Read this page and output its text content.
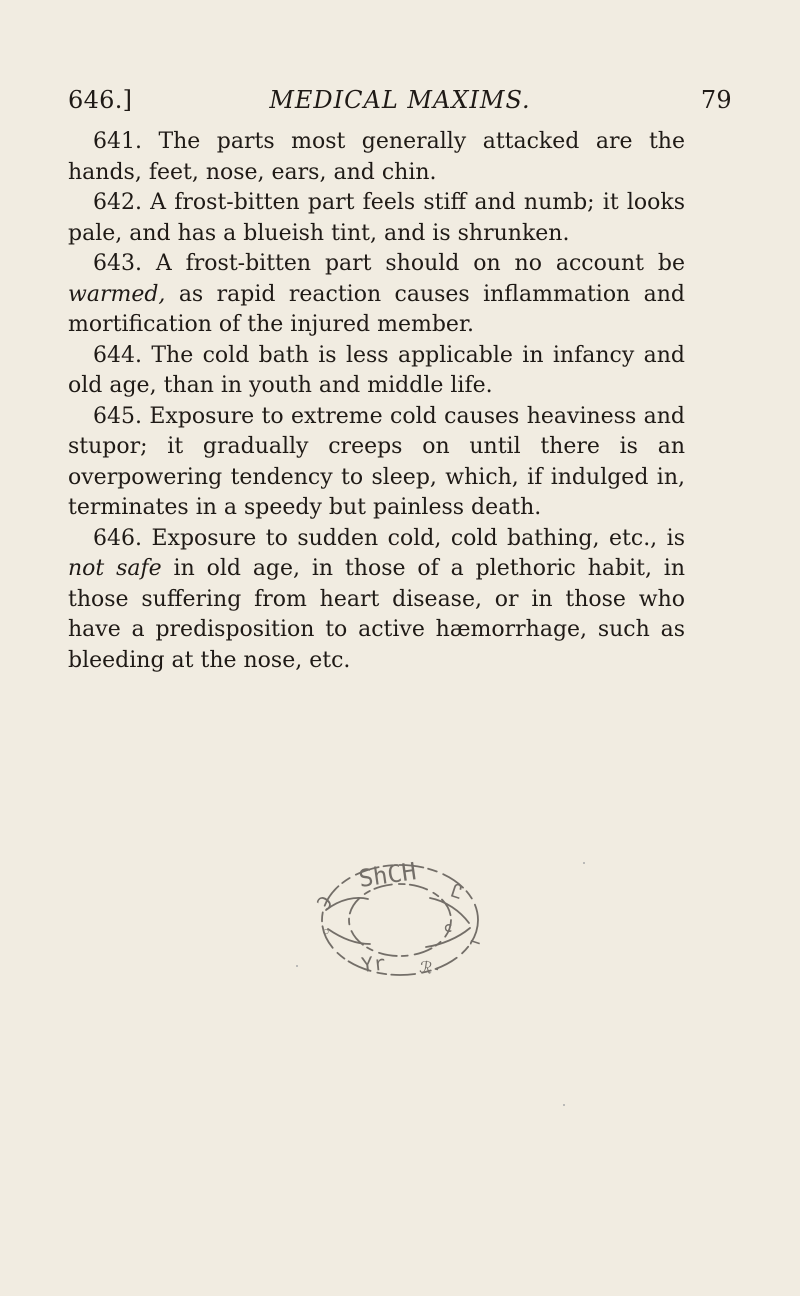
646.]	MEDICAL MAXIMS.	79

641. The parts most generally attacked are the hands, feet, nose, ears, and chin.

642. A frost-bitten part feels stiff and numb; it looks pale, and has a blueish tint, and is shrunken.

643. A frost-bitten part should on no account be warmed, as rapid reaction causes inflammation and mortification of the injured member.

644. The cold bath is less applicable in infancy and old age, than in youth and middle life.

645. Exposure to extreme cold causes heaviness and stupor; it gradually creeps on until there is an overpowering tendency to sleep, which, if indulged in, terminates in a speedy but painless death.

646. Exposure to sudden cold, cold bathing, etc., is not safe in old age, in those of a plethoric habit, in those suffering from heart disease, or in those who have a predisposition to active hæmorrhage, such as bleeding at the nose, etc.

ShCH Ꮭ
Ͻ
◦
Yr ℛ·
⌐
ⅽ
